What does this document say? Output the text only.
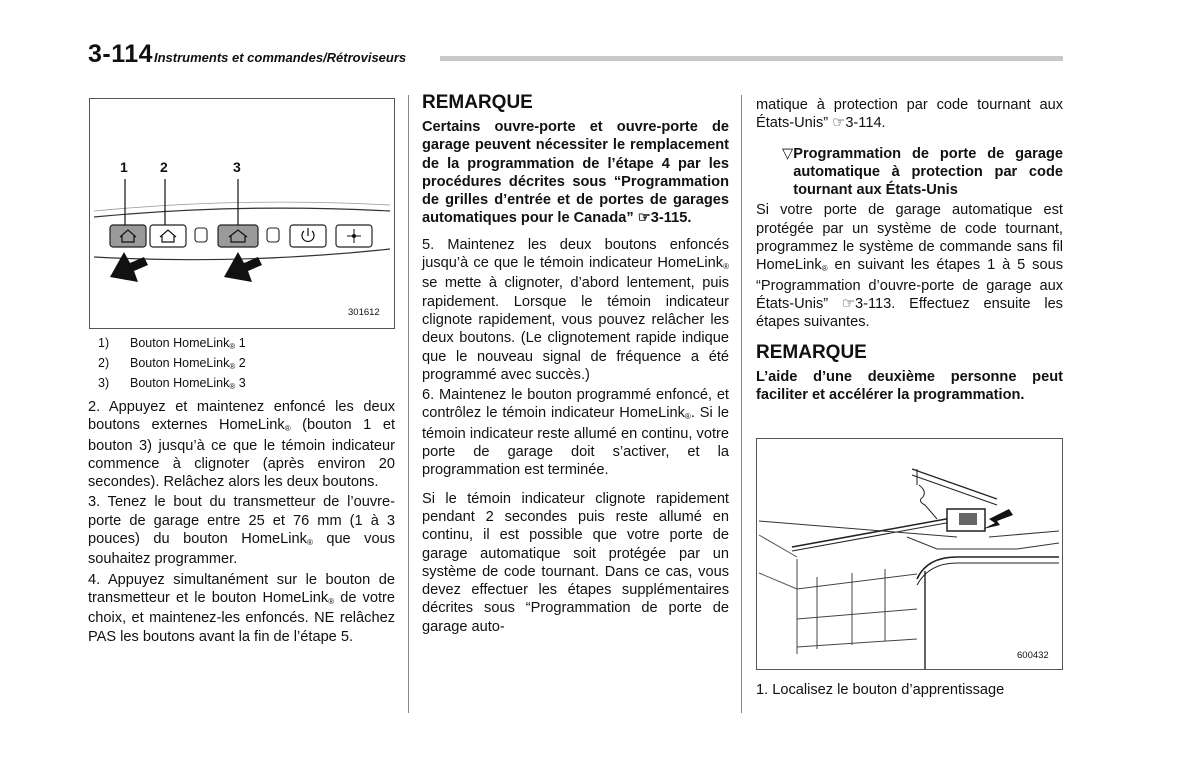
3-114 Instruments et commandes/Rétroviseurs
1 2	3
301612
1) Bouton HomeLink® 1
2) Bouton HomeLink® 2
3) Bouton HomeLink® 3

2. Appuyez et maintenez enfoncé les deux boutons externes HomeLink® (bouton 1 et bouton 3) jusqu’à ce que le témoin indicateur commence à clignoter (après environ 20 secondes). Relâchez alors les deux boutons.

3. Tenez le bout du transmetteur de l’ouvre-porte de garage entre 25 et 76 mm (1 à 3 pouces) du bouton HomeLink® que vous souhaitez programmer.

4. Appuyez simultanément sur le bouton de transmetteur et le bouton HomeLink® de votre choix, et maintenez-les enfoncés. NE relâchez PAS les boutons avant la fin de l’étape 5.

REMARQUE

Certains ouvre-porte et ouvre-porte de garage peuvent nécessiter le remplacement de la programmation de l’étape 4 par les procédures décrites sous “Programmation de grilles d’entrée et de portes de garages automatiques pour le Canada” ☞3-115.

5. Maintenez les deux boutons enfoncés jusqu’à ce que le témoin indicateur HomeLink® se mette à clignoter, d’abord lentement, puis rapidement. Lorsque le témoin indicateur clignote rapidement, vous pouvez relâcher les deux boutons. (Le clignotement rapide indique que le nouveau signal de fréquence a été programmé avec succès.)

6. Maintenez le bouton programmé enfoncé, et contrôlez le témoin indicateur HomeLink®. Si le témoin indicateur reste allumé en continu, votre porte de garage doit s’activer, et la programmation est terminée.

Si le témoin indicateur clignote rapidement pendant 2 secondes puis reste allumé en continu, il est possible que votre porte de garage automatique soit protégée par un système de code tournant. Dans ce cas, vous devez effectuer les étapes supplémentaires décrites sous “Programmation de porte de garage auto-

matique à protection par code tournant aux États-Unis” ☞3-114.

▽ Programmation de porte de garage automatique à protection par code tournant aux États-Unis

Si votre porte de garage automatique est protégée par un système de code tournant, programmez le système de commande sans fil HomeLink® en suivant les étapes 1 à 5 sous “Programmation d’ouvre-porte de garage aux États-Unis” ☞3-113. Effectuez ensuite les étapes suivantes.

REMARQUE

L’aide d’une deuxième personne peut faciliter et accélérer la programmation.

600432

1. Localisez le bouton d’apprentissage
